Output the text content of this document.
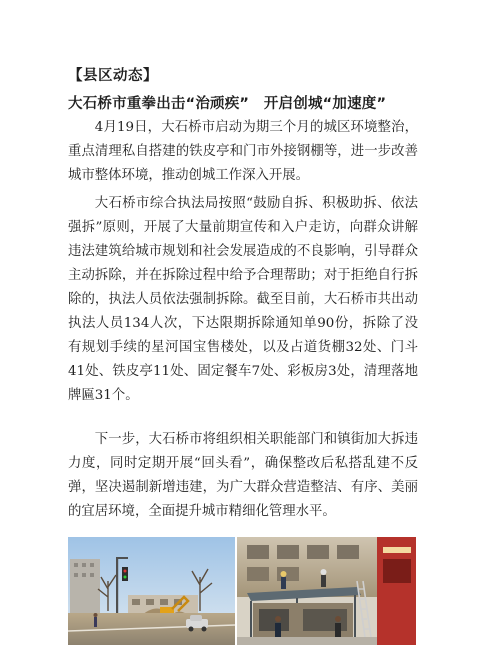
【县区动态】
大石桥市重拳出击“治顽疾”　开启创城“加速度”

4月19日，大石桥市启动为期三个月的城区环境整治，重点清理私自搭建的铁皮亭和门市外接钢棚等，进一步改善城市整体环境，推动创城工作深入开展。

大石桥市综合执法局按照“鼓励自拆、积极助拆、依法强拆”原则，开展了大量前期宣传和入户走访，向群众讲解违法建筑给城市规划和社会发展造成的不良影响，引导群众主动拆除，并在拆除过程中给予合理帮助；对于拒绝自行拆除的，执法人员依法强制拆除。截至目前，大石桥市共出动执法人员134人次，下达限期拆除通知单90份，拆除了没有规划手续的星河国宝售楼处，以及占道货棚32处、门斗41处、铁皮亭11处、固定餐车7处、彩板房3处，清理落地牌匾31个。

下一步，大石桥市将组织相关职能部门和镇街加大拆违力度，同时定期开展“回头看”，确保整改后私搭乱建不反弹，坚决遏制新增违建，为广大群众营造整洁、有序、美丽的宜居环境，全面提升城市精细化管理水平。
